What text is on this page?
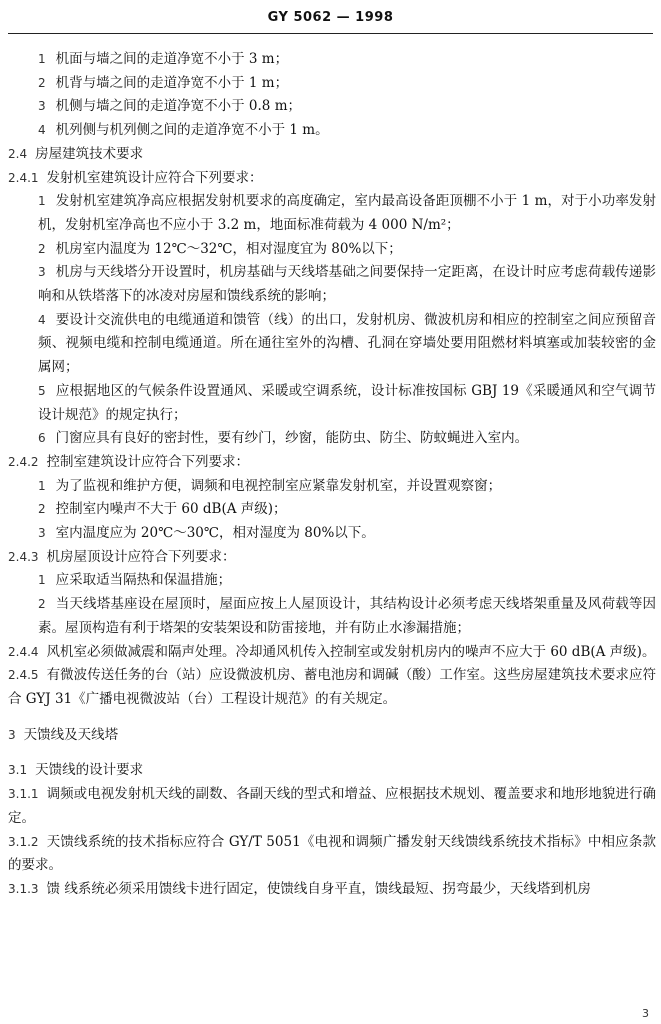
GY 5062 — 1998

1 机面与墙之间的走道净宽不小于 3 m；

2 机背与墙之间的走道净宽不小于 1 m；

3 机侧与墙之间的走道净宽不小于 0.8 m；

4 机列侧与机列侧之间的走道净宽不小于 1 m。

2.4 房屋建筑技术要求

2.4.1 发射机室建筑设计应符合下列要求：

1 发射机室建筑净高应根据发射机要求的高度确定，室内最高设备距顶棚不小于 1 m，对于小功率发射机，发射机室净高也不应小于 3.2 m，地面标准荷载为 4 000 N/m²；

2 机房室内温度为 12℃～32℃，相对湿度宜为 80%以下；

3 机房与天线塔分开设置时，机房基础与天线塔基础之间要保持一定距离，在设计时应考虑荷载传递影响和从铁塔落下的冰凌对房屋和馈线系统的影响；

4 要设计交流供电的电缆通道和馈管（线）的出口，发射机房、微波机房和相应的控制室之间应预留音频、视频电缆和控制电缆通道。所在通往室外的沟槽、孔洞在穿墙处要用阻燃材料填塞或加装较密的金属网；

5 应根据地区的气候条件设置通风、采暖或空调系统，设计标准按国标 GBJ 19《采暖通风和空气调节设计规范》的规定执行；

6 门窗应具有良好的密封性，要有纱门，纱窗，能防虫、防尘、防蚊蝇进入室内。

2.4.2 控制室建筑设计应符合下列要求：

1 为了监视和维护方便，调频和电视控制室应紧靠发射机室，并设置观察窗；

2 控制室内噪声不大于 60 dB(A 声级)；

3 室内温度应为 20℃～30℃，相对湿度为 80%以下。

2.4.3 机房屋顶设计应符合下列要求：

1 应采取适当隔热和保温措施；

2 当天线塔基座设在屋顶时，屋面应按上人屋顶设计，其结构设计必须考虑天线塔架重量及风荷载等因素。屋顶构造有利于塔架的安装架设和防雷接地，并有防止水渗漏措施；

2.4.4 风机室必须做减震和隔声处理。冷却通风机传入控制室或发射机房内的噪声不应大于 60 dB(A 声级)。

2.4.5 有微波传送任务的台（站）应设微波机房、蓄电池房和调碱（酸）工作室。这些房屋建筑技术要求应符合 GYJ 31《广播电视微波站（台）工程设计规范》的有关规定。

3 天馈线及天线塔

3.1 天馈线的设计要求

3.1.1 调频或电视发射机天线的副数、各副天线的型式和增益、应根据技术规划、覆盖要求和地形地貌进行确定。

3.1.2 天馈线系统的技术指标应符合 GY/T 5051《电视和调频广播发射天线馈线系统技术指标》中相应条款的要求。

3.1.3 馈 线系统必须采用馈线卡进行固定，使馈线自身平直，馈线最短、拐弯最少，天线塔到机房

3
